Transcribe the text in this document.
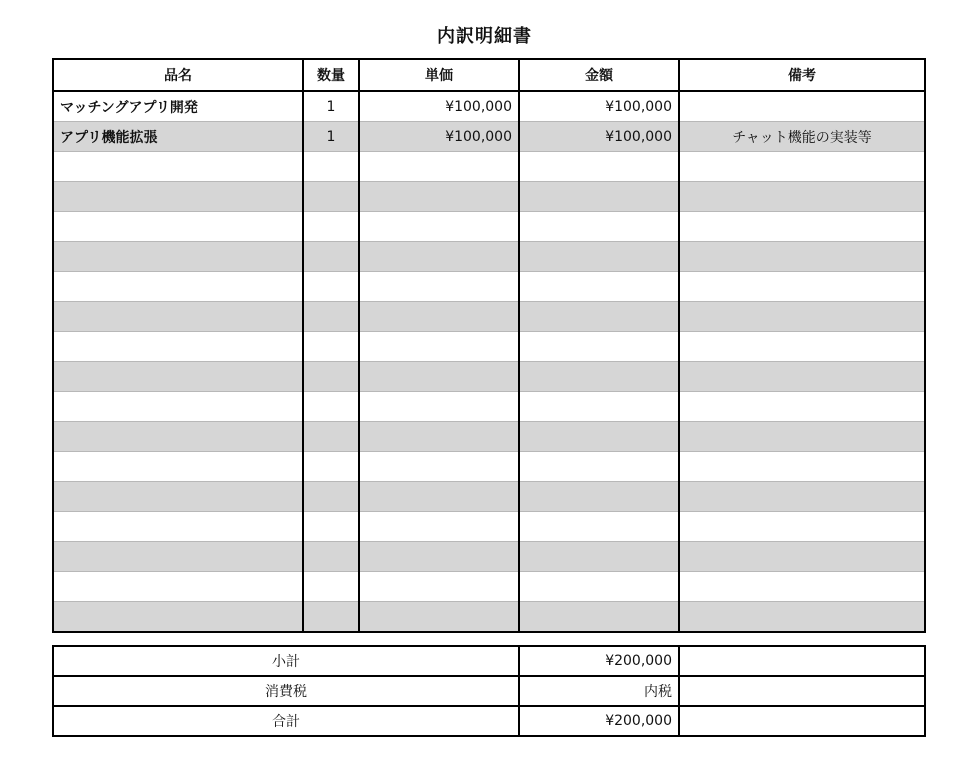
内訳明細書
品名	数量	単価	金額	備考
マッチングアプリ開発	1	¥100,000	¥100,000	
アプリ機能拡張	1	¥100,000	¥100,000	チャット機能の実装等

小計	¥200,000	
消費税	内税	
合計	¥200,000	
